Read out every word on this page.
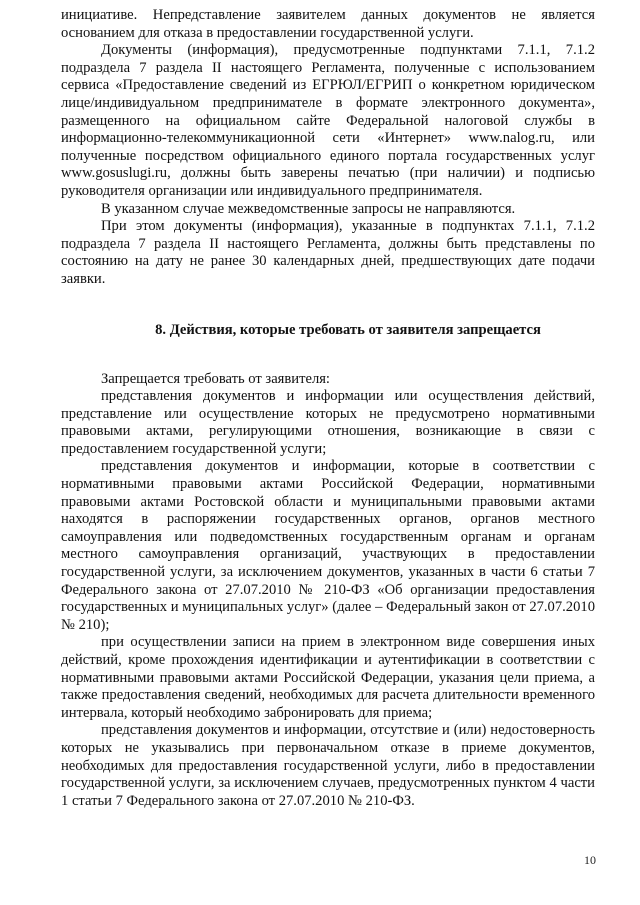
инициативе. Непредставление заявителем данных документов не является основанием для отказа в предоставлении государственной услуги.

Документы (информация), предусмотренные подпунктами 7.1.1, 7.1.2 подраздела 7 раздела II настоящего Регламента, полученные с использованием сервиса «Предоставление сведений из ЕГРЮЛ/ЕГРИП о конкретном юридическом лице/индивидуальном предпринимателе в формате электронного документа», размещенного на официальном сайте Федеральной налоговой службы в информационно-телекоммуникационной сети «Интернет» www.nalog.ru, или полученные посредством официального единого портала государственных услуг www.gosuslugi.ru, должны быть заверены печатью (при наличии) и подписью руководителя организации или индивидуального предпринимателя.

В указанном случае межведомственные запросы не направляются.

При этом документы (информация), указанные в подпунктах 7.1.1, 7.1.2 подраздела 7 раздела II настоящего Регламента, должны быть представлены по состоянию на дату не ранее 30 календарных дней, предшествующих дате подачи заявки.

8. Действия, которые требовать от заявителя запрещается

Запрещается требовать от заявителя:

представления документов и информации или осуществления действий, представление или осуществление которых не предусмотрено нормативными правовыми актами, регулирующими отношения, возникающие в связи с предоставлением государственной услуги;

представления документов и информации, которые в соответствии с нормативными правовыми актами Российской Федерации, нормативными правовыми актами Ростовской области и муниципальными правовыми актами находятся в распоряжении государственных органов, органов местного самоуправления или подведомственных государственным органам и органам местного самоуправления организаций, участвующих в предоставлении государственной услуги, за исключением документов, указанных в части 6 статьи 7 Федерального закона от 27.07.2010 № 210-ФЗ «Об организации предоставления государственных и муниципальных услуг» (далее – Федеральный закон от 27.07.2010 № 210);

при осуществлении записи на прием в электронном виде совершения иных действий, кроме прохождения идентификации и аутентификации в соответствии с нормативными правовыми актами Российской Федерации, указания цели приема, а также предоставления сведений, необходимых для расчета длительности временного интервала, который необходимо забронировать для приема;

представления документов и информации, отсутствие и (или) недостоверность которых не указывались при первоначальном отказе в приеме документов, необходимых для предоставления государственной услуги, либо в предоставлении государственной услуги, за исключением случаев, предусмотренных пунктом 4 части 1 статьи 7 Федерального закона от 27.07.2010 № 210-ФЗ.

10
